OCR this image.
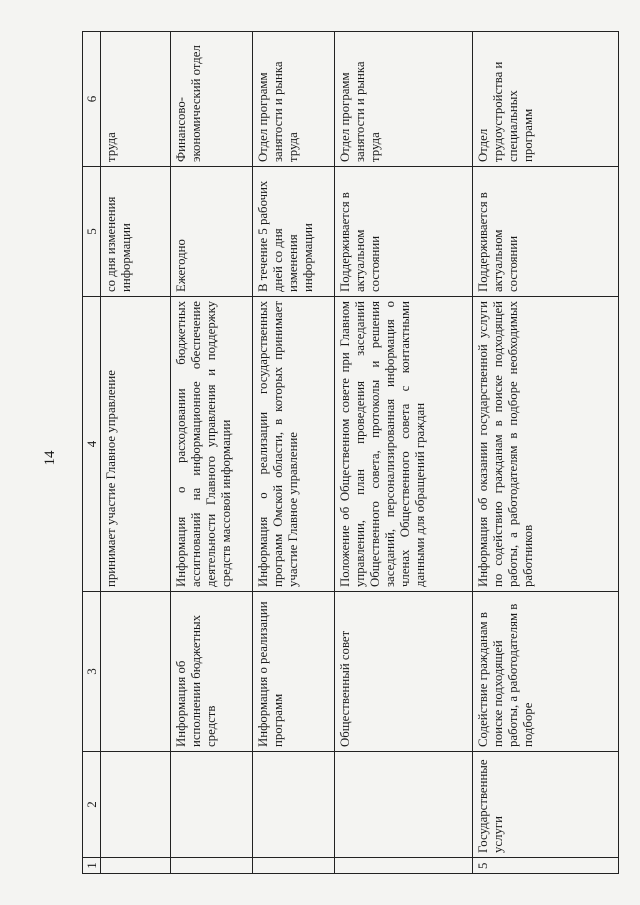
14
1	2	3	4	5	6
			принимает участие Главное управление	со дня изменения информации	труда
		Информация об исполнении бюджетных средств	Информация о расходовании бюджетных ассигнований на информационное обеспечение деятельности Главного управления и поддержку средств массовой информации	Ежегодно	Финансово-экономический отдел
		Информация о реализации программ	Информация о реализации государственных программ Омской области, в которых принимает участие Главное управление	В течение 5 рабочих дней со дня изменения информации	Отдел программ занятости и рынка труда
		Общественный совет	Положение об Общественном совете при Главном управлении, план проведения заседаний Общественного совета, протоколы и решения заседаний, персонализированная информация о членах Общественного совета с контактными данными для обращений граждан	Поддерживается в актуальном состоянии	Отдел программ занятости и рынка труда
5	Государственные услуги	Содействие гражданам в поиске подходящей работы, а работодателям в подборе	Информация об оказании государственной услуги по содействию гражданам в поиске подходящей работы, а работодателям в подборе необходимых работников	Поддерживается в актуальном состоянии	Отдел трудоустройства и специальных программ
